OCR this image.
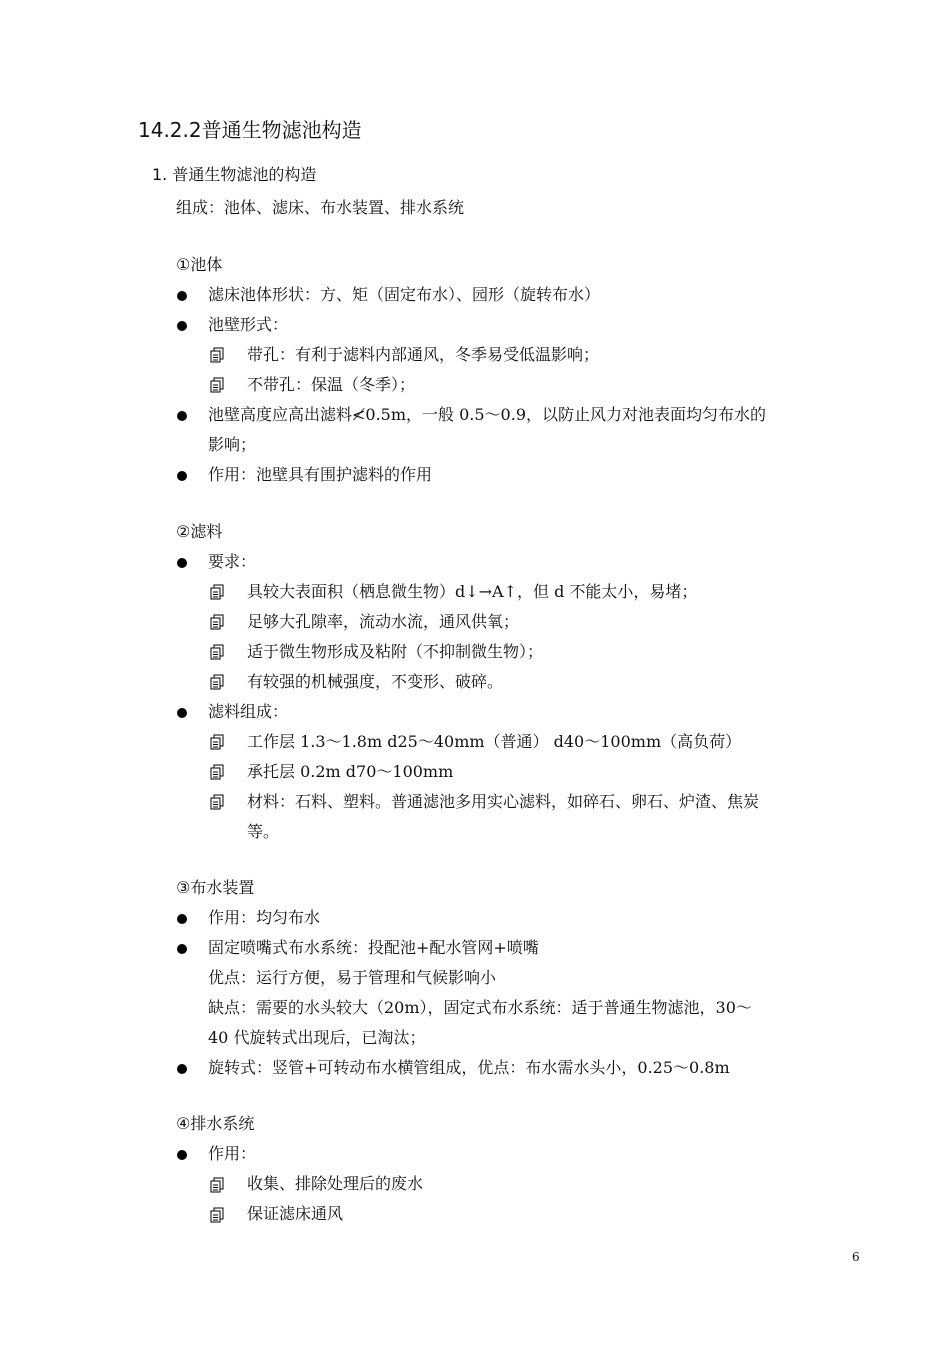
14.2.2普通生物滤池构造
1. 普通生物滤池的构造
组成：池体、滤床、布水装置、排水系统
①池体
滤床池体形状：方、矩（固定布水）、园形（旋转布水）
池壁形式：
带孔：有利于滤料内部通风，冬季易受低温影响；
不带孔：保温（冬季）；
池壁高度应高出滤料≮0.5m，一般 0.5～0.9，以防止风力对池表面均匀布水的
影响；
作用：池壁具有围护滤料的作用
②滤料
要求：
具较大表面积（栖息微生物）d↓→A↑，但 d 不能太小，易堵；
足够大孔隙率，流动水流，通风供氧；
适于微生物形成及粘附（不抑制微生物）；
有较强的机械强度，不变形、破碎。
滤料组成：
工作层 1.3～1.8m d25～40mm（普通） d40～100mm（高负荷）
承托层 0.2m d70～100mm
材料：石料、塑料。普通滤池多用实心滤料，如碎石、卵石、炉渣、焦炭
等。
③布水装置
作用：均匀布水
固定喷嘴式布水系统：投配池+配水管网+喷嘴
优点：运行方便，易于管理和气候影响小
缺点：需要的水头较大（20m），固定式布水系统：适于普通生物滤池，30～
40 代旋转式出现后，已淘汰；
旋转式：竖管+可转动布水横管组成，优点：布水需水头小，0.25～0.8m
④排水系统
作用：
收集、排除处理后的废水
保证滤床通风
6
